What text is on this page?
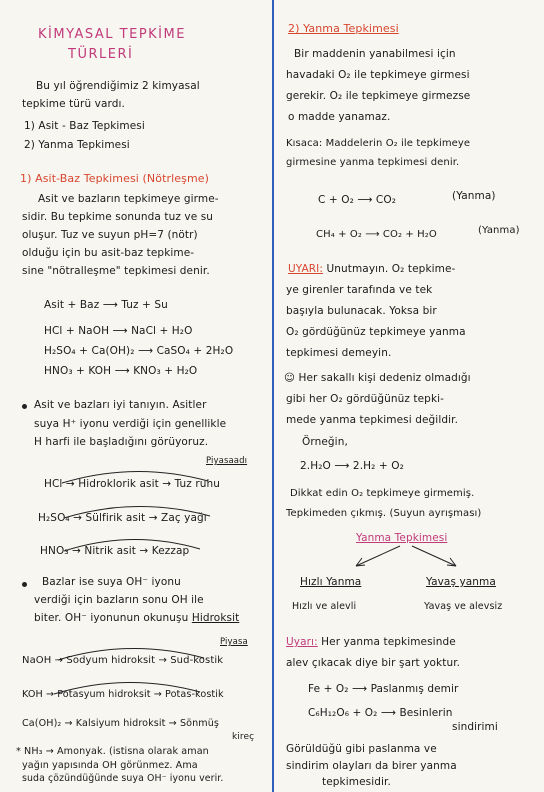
KİMYASAL TEPKİME
TÜRLERİ
Bu yıl öğrendiğimiz 2 kimyasal
tepkime türü vardı.
1) Asit - Baz Tepkimesi
2) Yanma Tepkimesi
1) Asit-Baz Tepkimesi (Nötrleşme)
Asit ve bazların tepkimeye girme-
sidir. Bu tepkime sonunda tuz ve su
oluşur. Tuz ve suyun pH=7 (nötr)
olduğu için bu asit-baz tepkime-
sine "nötralleşme" tepkimesi denir.
Asit + Baz ⟶ Tuz + Su
HCl + NaOH ⟶ NaCl + H₂O
H₂SO₄ + Ca(OH)₂ ⟶ CaSO₄ + 2H₂O
HNO₃ + KOH ⟶ KNO₃ + H₂O
Asit ve bazları iyi tanıyın. Asitler
suya H⁺ iyonu verdiği için genellikle
H harfi ile başladığını görüyoruz.
Piyasaadı
HCl → Hidroklorik asit → Tuz ruhu
H₂SO₄ → Sülfirik asit → Zaç yağı
HNO₃ → Nitrik asit → Kezzap
Bazlar ise suya OH⁻ iyonu
verdiği için bazların sonu OH ile
biter. OH⁻ iyonunun okunuşu Hidroksit
Piyasa
NaOH → Sodyum hidroksit → Sud-kostik
KOH → Potasyum hidroksit → Potas-kostik
Ca(OH)₂ → Kalsiyum hidroksit → Sönmüş
kireç
* NH₃ → Amonyak. (istisna olarak aman
yağın yapısında OH görünmez. Ama
suda çözündüğünde suya OH⁻ iyonu verir.
2) Yanma Tepkimesi
Bir maddenin yanabilmesi için
havadaki O₂ ile tepkimeye girmesi
gerekir. O₂ ile tepkimeye girmezse
o madde yanamaz.
Kısaca: Maddelerin O₂ ile tepkimeye
girmesine yanma tepkimesi denir.
C + O₂ ⟶ CO₂	(Yanma)
CH₄ + O₂ ⟶ CO₂ + H₂O	(Yanma)
UYARI: Unutmayın. O₂ tepkime-
ye girenler tarafında ve tek
başıyla bulunacak. Yoksa bir
O₂ gördüğünüz tepkimeye yanma
tepkimesi demeyin.
☺ Her sakallı kişi dedeniz olmadığı
gibi her O₂ gördüğünüz tepki-
mede yanma tepkimesi değildir.
Örneğin,
2.H₂O ⟶ 2.H₂ + O₂
Dikkat edin O₂ tepkimeye girmemiş.
Tepkimeden çıkmış. (Suyun ayrışması)
Yanma Tepkimesi
Hızlı Yanma
Hızlı ve alevli
Yavaş yanma
Yavaş ve alevsiz
Uyarı: Her yanma tepkimesinde
alev çıkacak diye bir şart yoktur.
Fe + O₂ ⟶ Paslanmış demir
C₆H₁₂O₆ + O₂ ⟶ Besinlerin
sindirimi
Görüldüğü gibi paslanma ve
sindirim olayları da birer yanma
tepkimesidir.
